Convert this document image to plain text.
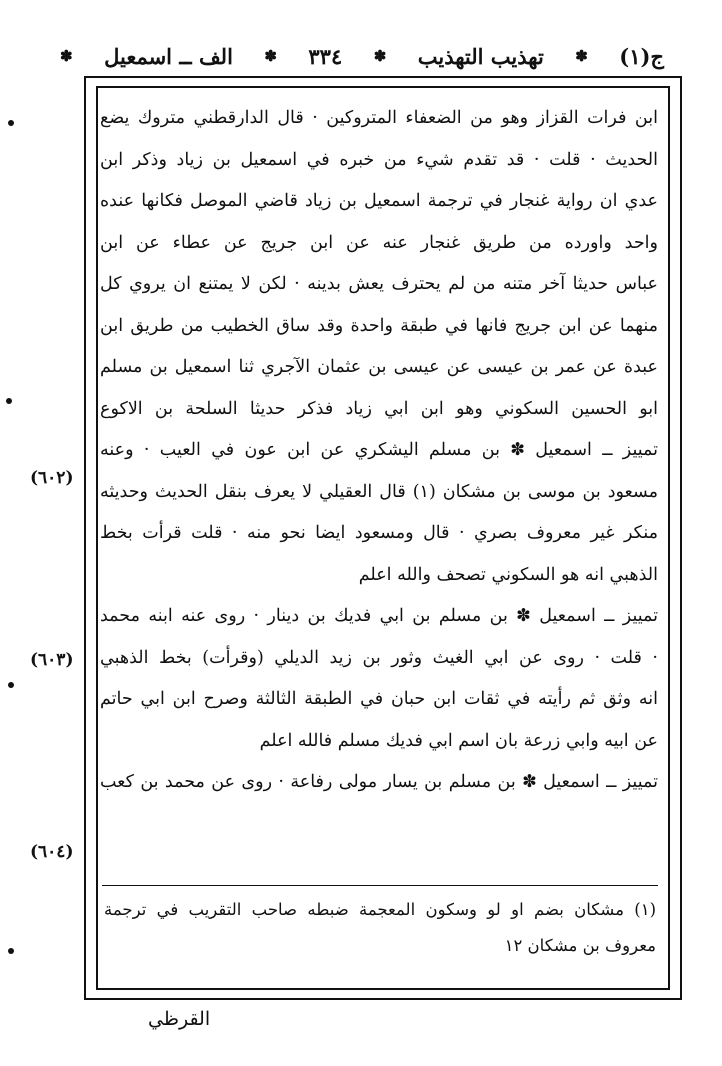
ج(١)
✽
تهذيب التهذيب
✽
٣٣٤
✽
الف ــ اسمعيل
✽
ابن فرات القزاز وهو من الضعفاء المتروكين · قال الدارقطني متروك يضع
الحديث · قلت · قد تقدم شيء من خبره في اسمعيل بن زياد وذكر ابن
عدي ان رواية غنجار في ترجمة اسمعيل بن زياد قاضي الموصل فكانها عنده
واحد واورده من طريق غنجار عنه عن ابن جريج عن عطاء عن ابن
عباس حديثا آخر متنه من لم يحترف يعش بدينه · لكن لا يمتنع ان يروي كل
منهما عن ابن جريج فانها في طبقة واحدة وقد ساق الخطيب من طريق ابن
عبدة عن عمر بن عيسى عن عيسى بن عثمان الآجري ثنا اسمعيل بن مسلم
ابو الحسين السكوني وهو ابن ابي زياد فذكر حديثا السلحة بن الاكوع
تمييز ــ اسمعيل ✽ بن مسلم اليشكري عن ابن عون في العيب · وعنه
مسعود بن موسى بن مشكان (١) قال العقيلي لا يعرف بنقل الحديث وحديثه
منكر غير معروف بصري · قال ومسعود ايضا نحو منه · قلت قرأت بخط
الذهبي انه هو السكوني تصحف والله اعلم
تمييز ــ اسمعيل ✽ بن مسلم بن ابي فديك بن دينار · روى عنه ابنه محمد
· قلت · روى عن ابي الغيث وثور بن زيد الديلي (وقرأت) بخط الذهبي
انه وثق ثم رأيته في ثقات ابن حبان في الطبقة الثالثة وصرح ابن ابي حاتم
عن ابيه وابي زرعة بان اسم ابي فديك مسلم فالله اعلم
تمييز ــ اسمعيل ✽ بن مسلم بن يسار مولى رفاعة · روى عن محمد بن كعب
(٦٠٢)
(٦٠٣)
(٦٠٤)
(١) مشكان بضم او لو وسكون المعجمة ضبطه صاحب التقريب في ترجمة
معروف بن مشكان ١٢
القرظي
